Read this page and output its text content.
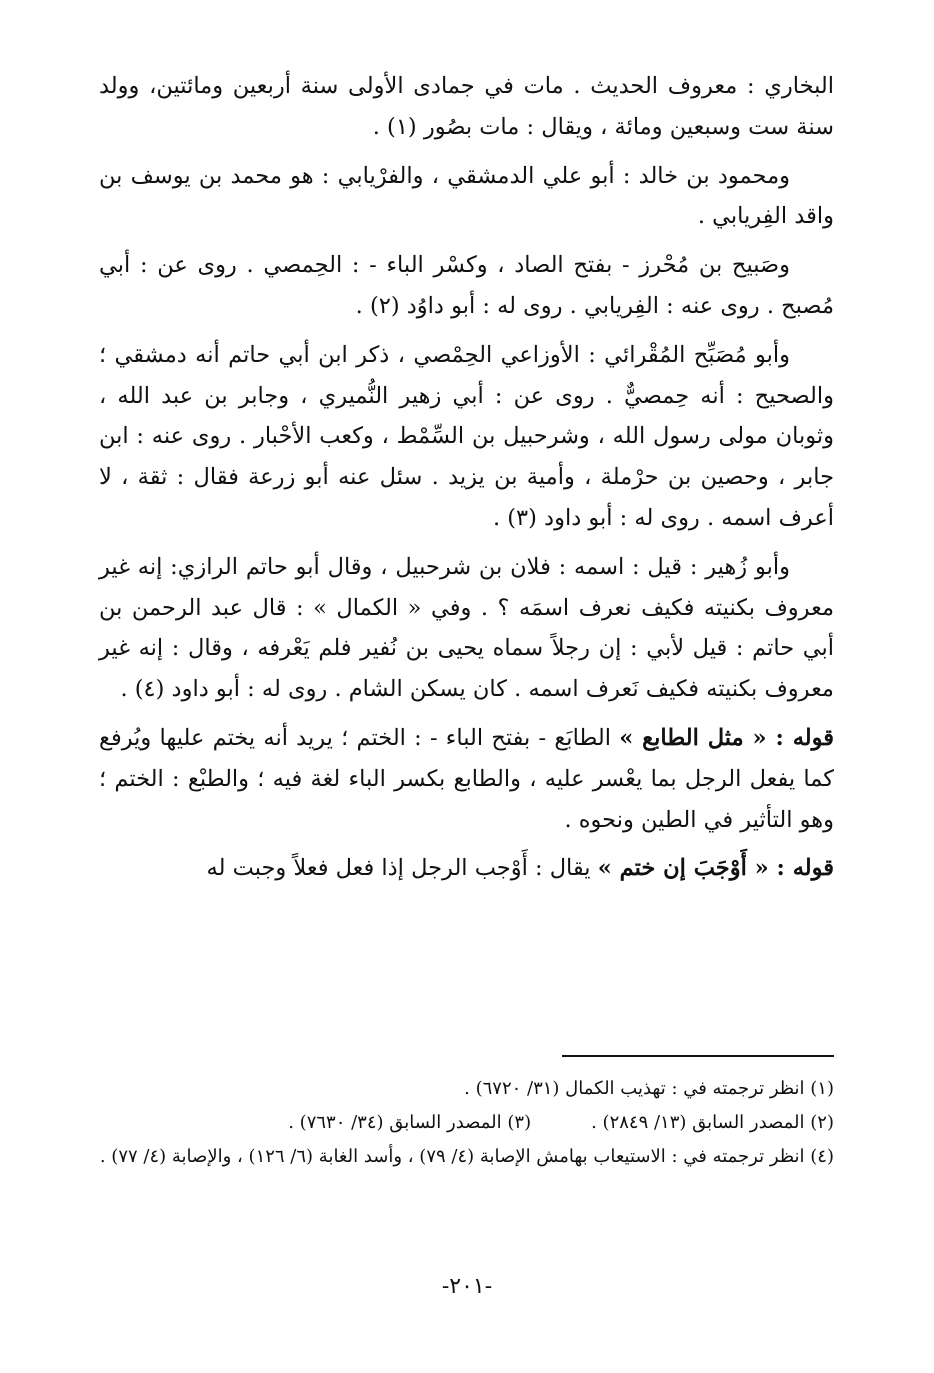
البخاري : معروف الحديث . مات في جمادى الأولى سنة أربعين ومائتين، وولد سنة ست وسبعين ومائة ، ويقال : مات بصُور (١) .

ومحمود بن خالد : أبو علي الدمشقي ، والفرْيابي : هو محمد بن يوسف بن واقد الفِريابي .

وصَبيح بن مُحْرز - بفتح الصاد ، وكسْر الباء - : الحِمصي . روى عن : أبي مُصبح . روى عنه : الفِريابي . روى له : أبو داوُد (٢) .

وأبو مُصَبِّح المُقْرائي : الأوزاعي الحِمْصي ، ذكر ابن أبي حاتم أنه دمشقي ؛ والصحيح : أنه حِمصيٌّ . روى عن : أبي زهير النُّميري ، وجابر بن عبد الله ، وثوبان مولى رسول الله ، وشرحبيل بن السِّمْط ، وكعب الأحْبار . روى عنه : ابن جابر ، وحصين بن حرْملة ، وأمية بن يزيد . سئل عنه أبو زرعة فقال : ثقة ، لا أعرف اسمه . روى له : أبو داود (٣) .

وأبو زُهير : قيل : اسمه : فلان بن شرحبيل ، وقال أبو حاتم الرازي: إنه غير معروف بكنيته فكيف نعرف اسمَه ؟ . وفي « الكمال » : قال عبد الرحمن بن أبي حاتم : قيل لأبي : إن رجلاً سماه يحيى بن نُفير فلم يَعْرفه ، وقال : إنه غير معروف بكنيته فكيف نَعرف اسمه . كان يسكن الشام . روى له : أبو داود (٤) .

قوله : « مثل الطابع » الطابَع - بفتح الباء - : الختم ؛ يريد أنه يختم عليها ويُرفع كما يفعل الرجل بما يعْسر عليه ، والطابع بكسر الباء لغة فيه ؛ والطبْع : الختم ؛ وهو التأثير في الطين ونحوه .

قوله : « أَوْجَبَ إن ختم » يقال : أَوْجب الرجل إذا فعل فعلاً وجبت له

(١) انظر ترجمته في : تهذيب الكمال (٣١/ ٦٧٢٠) .

(٢) المصدر السابق (١٣/ ٢٨٤٩) .

(٣) المصدر السابق (٣٤/ ٧٦٣٠) .

(٤) انظر ترجمته في : الاستيعاب بهامش الإصابة (٤/ ٧٩) ، وأسد الغابة (٦/ ١٢٦) ، والإصابة (٤/ ٧٧) .

-٢٠١-
